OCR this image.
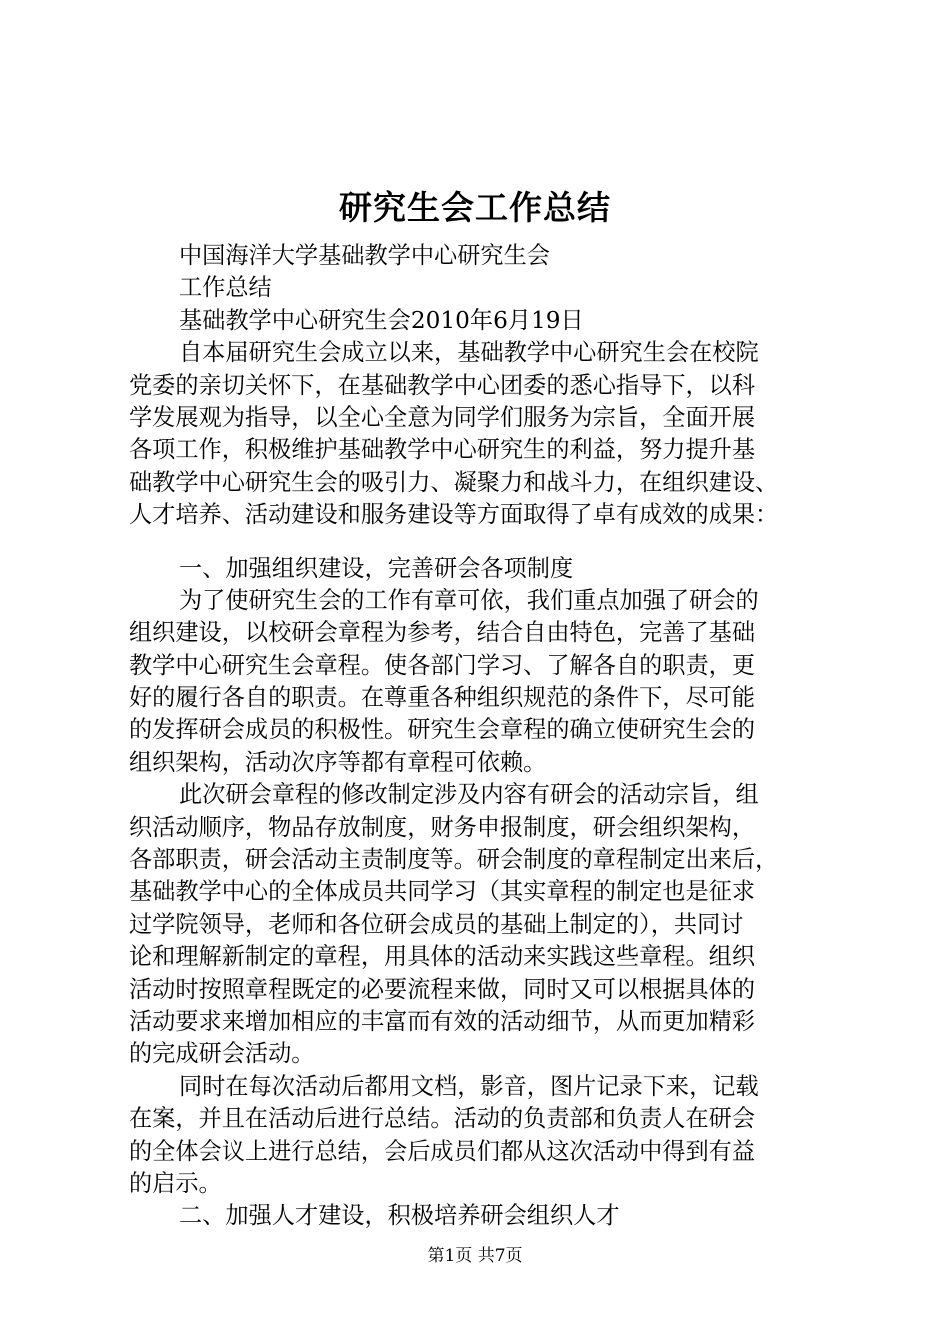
研究生会工作总结
中国海洋大学基础教学中心研究生会
工作总结
基础教学中心研究生会2010年6月19日
自本届研究生会成立以来，基础教学中心研究生会在校院
党委的亲切关怀下，在基础教学中心团委的悉心指导下，以科
学发展观为指导，以全心全意为同学们服务为宗旨，全面开展
各项工作，积极维护基础教学中心研究生的利益，努力提升基
础教学中心研究生会的吸引力、凝聚力和战斗力，在组织建设、
人才培养、活动建设和服务建设等方面取得了卓有成效的成果：
一、加强组织建设，完善研会各项制度
为了使研究生会的工作有章可依，我们重点加强了研会的
组织建设，以校研会章程为参考，结合自由特色，完善了基础
教学中心研究生会章程。使各部门学习、了解各自的职责，更
好的履行各自的职责。在尊重各种组织规范的条件下，尽可能
的发挥研会成员的积极性。研究生会章程的确立使研究生会的
组织架构，活动次序等都有章程可依赖。
此次研会章程的修改制定涉及内容有研会的活动宗旨，组
织活动顺序，物品存放制度，财务申报制度，研会组织架构，
各部职责，研会活动主责制度等。研会制度的章程制定出来后，
基础教学中心的全体成员共同学习（其实章程的制定也是征求
过学院领导，老师和各位研会成员的基础上制定的），共同讨
论和理解新制定的章程，用具体的活动来实践这些章程。组织
活动时按照章程既定的必要流程来做，同时又可以根据具体的
活动要求来增加相应的丰富而有效的活动细节，从而更加精彩
的完成研会活动。
同时在每次活动后都用文档，影音，图片记录下来，记载
在案，并且在活动后进行总结。活动的负责部和负责人在研会
的全体会议上进行总结，会后成员们都从这次活动中得到有益
的启示。
二、加强人才建设，积极培养研会组织人才
第1页 共7页
